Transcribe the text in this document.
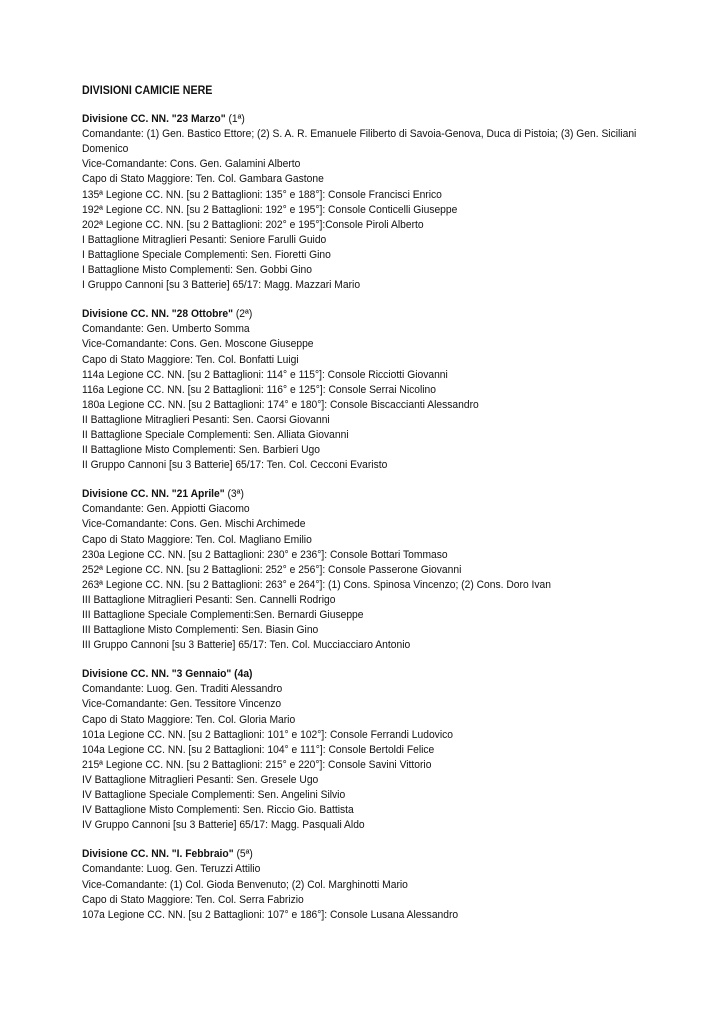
DIVISIONI CAMICIE NERE

Divisione CC. NN. "23 Marzo" (1ª)

Comandante: (1) Gen. Bastico Ettore; (2) S. A. R. Emanuele Filiberto di Savoia-Genova, Duca di Pistoia; (3) Gen. Siciliani Domenico

Vice-Comandante: Cons. Gen. Galamini Alberto

Capo di Stato Maggiore: Ten. Col. Gambara Gastone

135ª Legione CC. NN. [su 2 Battaglioni: 135° e 188°]: Console Francisci Enrico

192ª Legione CC. NN. [su 2 Battaglioni: 192° e 195°]: Console Conticelli Giuseppe

202ª Legione CC. NN. [su 2 Battaglioni: 202° e 195°]:Console Piroli Alberto

I Battaglione Mitraglieri Pesanti: Seniore Farulli Guido

I Battaglione Speciale Complementi: Sen. Fioretti Gino

I Battaglione Misto Complementi: Sen. Gobbi Gino

I Gruppo Cannoni [su 3 Batterie] 65/17: Magg. Mazzari Mario

Divisione CC. NN. "28 Ottobre" (2ª)

Comandante: Gen. Umberto Somma

Vice-Comandante: Cons. Gen. Moscone Giuseppe

Capo di Stato Maggiore: Ten. Col. Bonfatti Luigi

114a Legione CC. NN. [su 2 Battaglioni: 114° e 115°]: Console Ricciotti Giovanni

116a Legione CC. NN. [su 2 Battaglioni: 116° e 125°]: Console Serrai Nicolino

180a Legione CC. NN. [su 2 Battaglioni: 174° e 180°]: Console Biscaccianti Alessandro

II Battaglione Mitraglieri Pesanti: Sen. Caorsi Giovanni

II Battaglione Speciale Complementi: Sen. Alliata Giovanni

II Battaglione Misto Complementi: Sen. Barbieri Ugo

II Gruppo Cannoni [su 3 Batterie] 65/17: Ten. Col. Cecconi Evaristo

Divisione CC. NN. "21 Aprile" (3ª)

Comandante: Gen. Appiotti Giacomo

Vice-Comandante: Cons. Gen. Mischi Archimede

Capo di Stato Maggiore: Ten. Col. Magliano Emilio

230a Legione CC. NN. [su 2 Battaglioni: 230° e 236°]: Console Bottari Tommaso

252ª Legione CC. NN. [su 2 Battaglioni: 252° e 256°]: Console Passerone Giovanni

263ª Legione CC. NN. [su 2 Battaglioni: 263° e 264°]: (1) Cons. Spinosa Vincenzo; (2) Cons. Doro Ivan

III Battaglione Mitraglieri Pesanti: Sen. Cannelli Rodrigo

III Battaglione Speciale Complementi:Sen. Bernardi Giuseppe

III Battaglione Misto Complementi: Sen. Biasin Gino

III Gruppo Cannoni [su 3 Batterie] 65/17: Ten. Col. Mucciacciaro Antonio

Divisione CC. NN. "3 Gennaio" (4a)

Comandante: Luog. Gen. Traditi Alessandro

Vice-Comandante: Gen. Tessitore Vincenzo

Capo di Stato Maggiore: Ten. Col. Gloria Mario

101a Legione CC. NN. [su 2 Battaglioni: 101° e 102°]: Console Ferrandi Ludovico

104a Legione CC. NN. [su 2 Battaglioni: 104° e 111°]: Console Bertoldi Felice

215ª Legione CC. NN. [su 2 Battaglioni: 215° e 220°]: Console Savini Vittorio

IV Battaglione Mitraglieri Pesanti: Sen. Gresele Ugo

IV Battaglione Speciale Complementi: Sen. Angelini Silvio

IV Battaglione Misto Complementi: Sen. Riccio Gio. Battista

IV Gruppo Cannoni [su 3 Batterie] 65/17: Magg. Pasquali Aldo

Divisione CC. NN. "I. Febbraio" (5ª)

Comandante: Luog. Gen. Teruzzi Attilio

Vice-Comandante: (1) Col. Gioda Benvenuto; (2) Col. Marghinotti Mario

Capo di Stato Maggiore: Ten. Col. Serra Fabrizio

107a Legione CC. NN. [su 2 Battaglioni: 107° e 186°]: Console Lusana Alessandro
